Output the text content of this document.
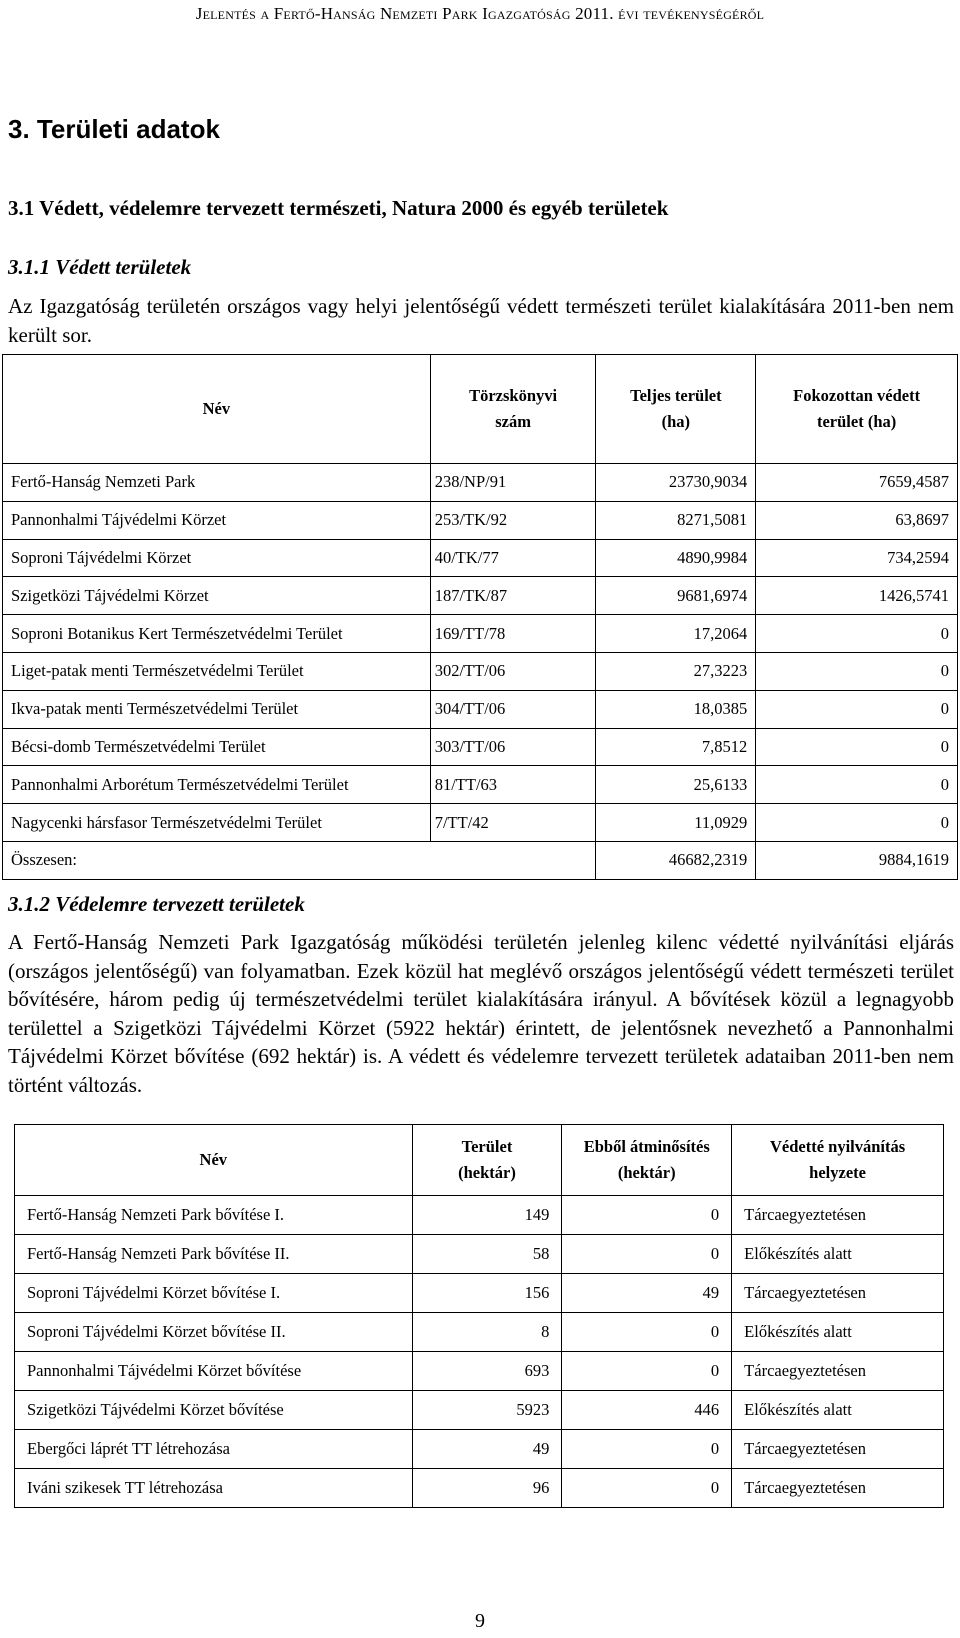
Jelentés a Fertő-Hanság Nemzeti Park Igazgatóság 2011. évi tevékenységéről
3. Területi adatok
3.1 Védett, védelemre tervezett természeti, Natura 2000 és egyéb területek
3.1.1 Védett területek

Az Igazgatóság területén országos vagy helyi jelentőségű védett természeti terület kialakítására 2011-ben nem került sor.

Név	Törzskönyvi szám	Teljes terület (ha)	Fokozottan védett terület (ha)

Fertő-Hanság Nemzeti Park	238/NP/91	23730,9034	7659,4587
Pannonhalmi Tájvédelmi Körzet	253/TK/92	8271,5081	63,8697
Soproni Tájvédelmi Körzet	40/TK/77	4890,9984	734,2594
Szigetközi Tájvédelmi Körzet	187/TK/87	9681,6974	1426,5741
Soproni Botanikus Kert Természetvédelmi Terület	169/TT/78	17,2064	0
Liget-patak menti Természetvédelmi Terület	302/TT/06	27,3223	0
Ikva-patak menti Természetvédelmi Terület	304/TT/06	18,0385	0
Bécsi-domb Természetvédelmi Terület	303/TT/06	7,8512	0
Pannonhalmi Arborétum Természetvédelmi Terület	81/TT/63	25,6133	0
Nagycenki hársfasor Természetvédelmi Terület	7/TT/42	11,0929	0
Összesen:		46682,2319	9884,1619
3.1.2 Védelemre tervezett területek

A Fertő-Hanság Nemzeti Park Igazgatóság működési területén jelenleg kilenc védetté nyilvánítási eljárás (országos jelentőségű) van folyamatban. Ezek közül hat meglévő országos jelentőségű védett természeti terület bővítésére, három pedig új természetvédelmi terület kialakítására irányul. A bővítések közül a legnagyobb területtel a Szigetközi Tájvédelmi Körzet (5922 hektár) érintett, de jelentősnek nevezhető a Pannonhalmi Tájvédelmi Körzet bővítése (692 hektár) is. A védett és védelemre tervezett területek adataiban 2011-ben nem történt változás.

Név	Terület (hektár)	Ebből átminősítés (hektár)	Védetté nyilvánítás helyzete

Fertő-Hanság Nemzeti Park bővítése I.	149	0	Tárcaegyeztetésen
Fertő-Hanság Nemzeti Park bővítése II.	58	0	Előkészítés alatt
Soproni Tájvédelmi Körzet bővítése I.	156	49	Tárcaegyeztetésen
Soproni Tájvédelmi Körzet bővítése II.	8	0	Előkészítés alatt
Pannonhalmi Tájvédelmi Körzet bővítése	693	0	Tárcaegyeztetésen
Szigetközi Tájvédelmi Körzet bővítése	5923	446	Előkészítés alatt
Ebergőci láprét TT létrehozása	49	0	Tárcaegyeztetésen
Iváni szikesek TT létrehozása	96	0	Tárcaegyeztetésen
9
